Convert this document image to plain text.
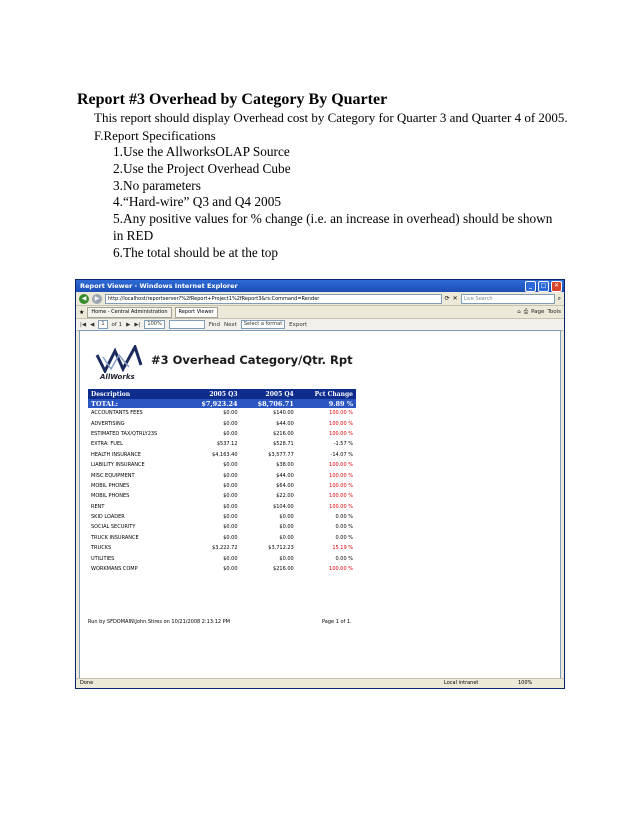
Report #3 Overhead by Category By Quarter

This report should display Overhead cost by Category for Quarter 3 and Quarter 4 of 2005.

F.Report Specifications

1.Use the AllworksOLAP Source

2.Use the Project Overhead Cube

3.No parameters

4.“Hard-wire” Q3 and Q4 2005

5.Any positive values for % change (i.e. an increase in overhead) should be shown

in RED

6.The total should be at the top

Report Viewer - Windows Internet Explorer	_	□	✕
◀	▶	http://localhost/reportserver?%2fReport+Project1%2fReport3&rs:Command=Render	⟳ ✕	Live Search	⌕
★	Home - Central Administration	Report Viewer	⌂ ⎙ Page Tools
|◀ ◀	1	of 1 ▶ ▶|	100%	Find Next	Select a format	Export
AllWorks
#3 Overhead Category/Qtr. Rpt
Description	2005 Q3	2005 Q4	Pct Change
TOTAL:	$7,923.24	$8,706.71	9.89 %
ACCOUNTANTS FEES	$0.00	$140.00	100.00 %
ADVERTISING	$0.00	$44.00	100.00 %
ESTIMATED TAX/QTRLY23S	$0.00	$216.00	100.00 %
EXTRA: FUEL	$537.12	$528.71	-1.57 %
HEALTH INSURANCE	$4,163.40	$3,577.77	-14.07 %
LIABILITY INSURANCE	$0.00	$38.00	100.00 %
MISC EQUIPMENT	$0.00	$44.00	100.00 %
MOBIL PHONES	$0.00	$64.00	100.00 %
MOBIL PHONES	$0.00	$22.00	100.00 %
RENT	$0.00	$104.00	100.00 %
SKID LOADER	$0.00	$0.00	0.00 %
SOCIAL SECURITY	$0.00	$0.00	0.00 %
TRUCK INSURANCE	$0.00	$0.00	0.00 %
TRUCKS	$3,222.72	$3,712.23	15.19 %
UTILITIES	$0.00	$0.00	0.00 %
WORKMANS COMP	$0.00	$216.00	100.00 %
Run by SFDOMAIN\John.Stires on 10/21/2008 2:13:12 PM	Page 1 of 1.
Done	Local intranet	100%
